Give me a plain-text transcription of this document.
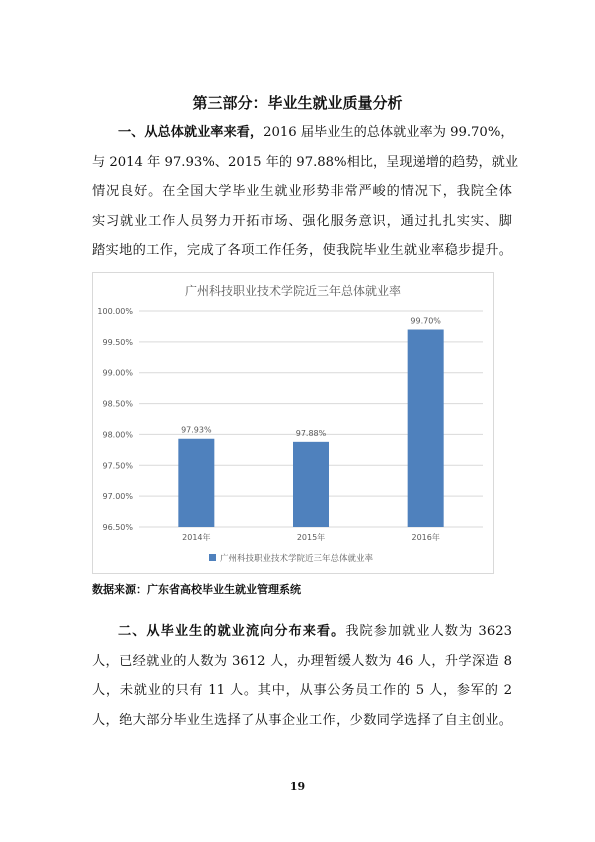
第三部分：毕业生就业质量分析
一、从总体就业率来看，2016 届毕业生的总体就业率为 99.70%，
与 2014 年 97.93%、2015 年的 97.88%相比，呈现递增的趋势，就业
情况良好。在全国大学毕业生就业形势非常严峻的情况下，我院全体
实习就业工作人员努力开拓市场、强化服务意识，通过扎扎实实、脚
踏实地的工作，完成了各项工作任务，使我院毕业生就业率稳步提升。
广州科技职业技术学院近三年总体就业率
100.00%
99.50%
99.00%
98.50%
98.00%
97.50%
97.00%
96.50%
97.93%
2014年
97.88%
2015年
99.70%
2016年
广州科技职业技术学院近三年总体就业率
数据来源：广东省高校毕业生就业管理系统
二、从毕业生的就业流向分布来看。我院参加就业人数为 3623
人，已经就业的人数为 3612 人，办理暂缓人数为 46 人，升学深造 8
人，未就业的只有 11 人。其中，从事公务员工作的 5 人，参军的 2
人，绝大部分毕业生选择了从事企业工作，少数同学选择了自主创业。
19
